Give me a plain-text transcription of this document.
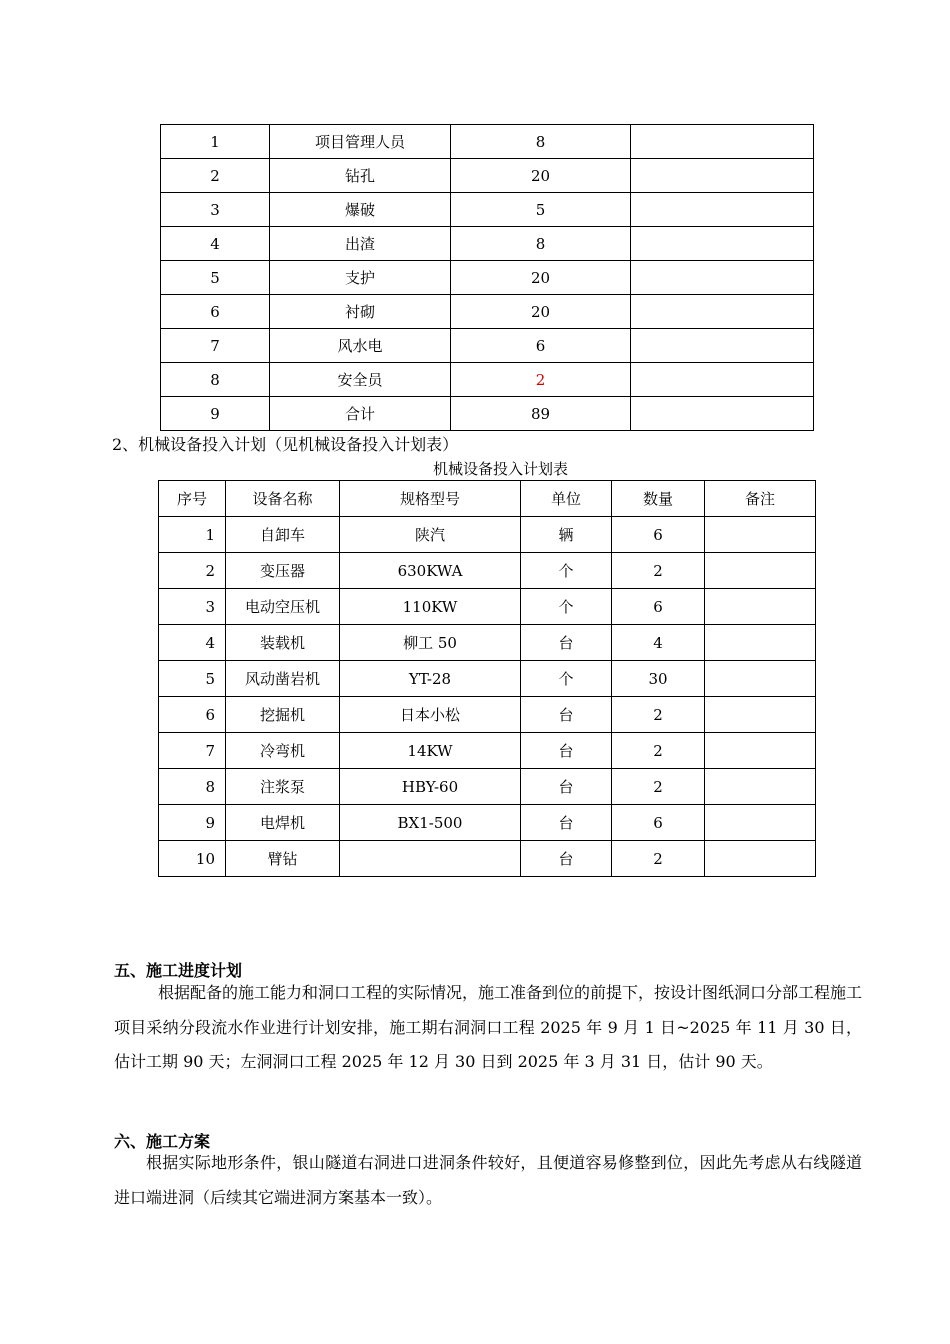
1	项目管理人员	8	
2	钻孔	20	
3	爆破	5	
4	出渣	8	
5	支护	20	
6	衬砌	20	
7	风水电	6	
8	安全员	2	
9	合计	89	
2、机械设备投入计划（见机械设备投入计划表）
机械设备投入计划表
序号	设备名称	规格型号	单位	数量	备注
1	自卸车	陕汽	辆	6	
2	变压器	630KWA	个	2	
3	电动空压机	110KW	个	6	
4	装载机	柳工 50	台	4	
5	风动凿岩机	YT-28	个	30	
6	挖掘机	日本小松	台	2	
7	冷弯机	14KW	台	2	
8	注浆泵	HBY-60	台	2	
9	电焊机	BX1-500	台	6	
10	臂钻		台	2	
五、施工进度计划
根据配备的施工能力和洞口工程的实际情况，施工准备到位的前提下，按设计图纸洞口分部工程施工项目采纳分段流水作业进行计划安排，施工期右洞洞口工程 2025 年 9 月 1 日~2025 年 11 月 30 日，估计工期 90 天；左洞洞口工程 2025 年 12 月 30 日到 2025 年 3 月 31 日，估计 90 天。
六、施工方案
根据实际地形条件，银山隧道右洞进口进洞条件较好，且便道容易修整到位，因此先考虑从右线隧道进口端进洞（后续其它端进洞方案基本一致）。
